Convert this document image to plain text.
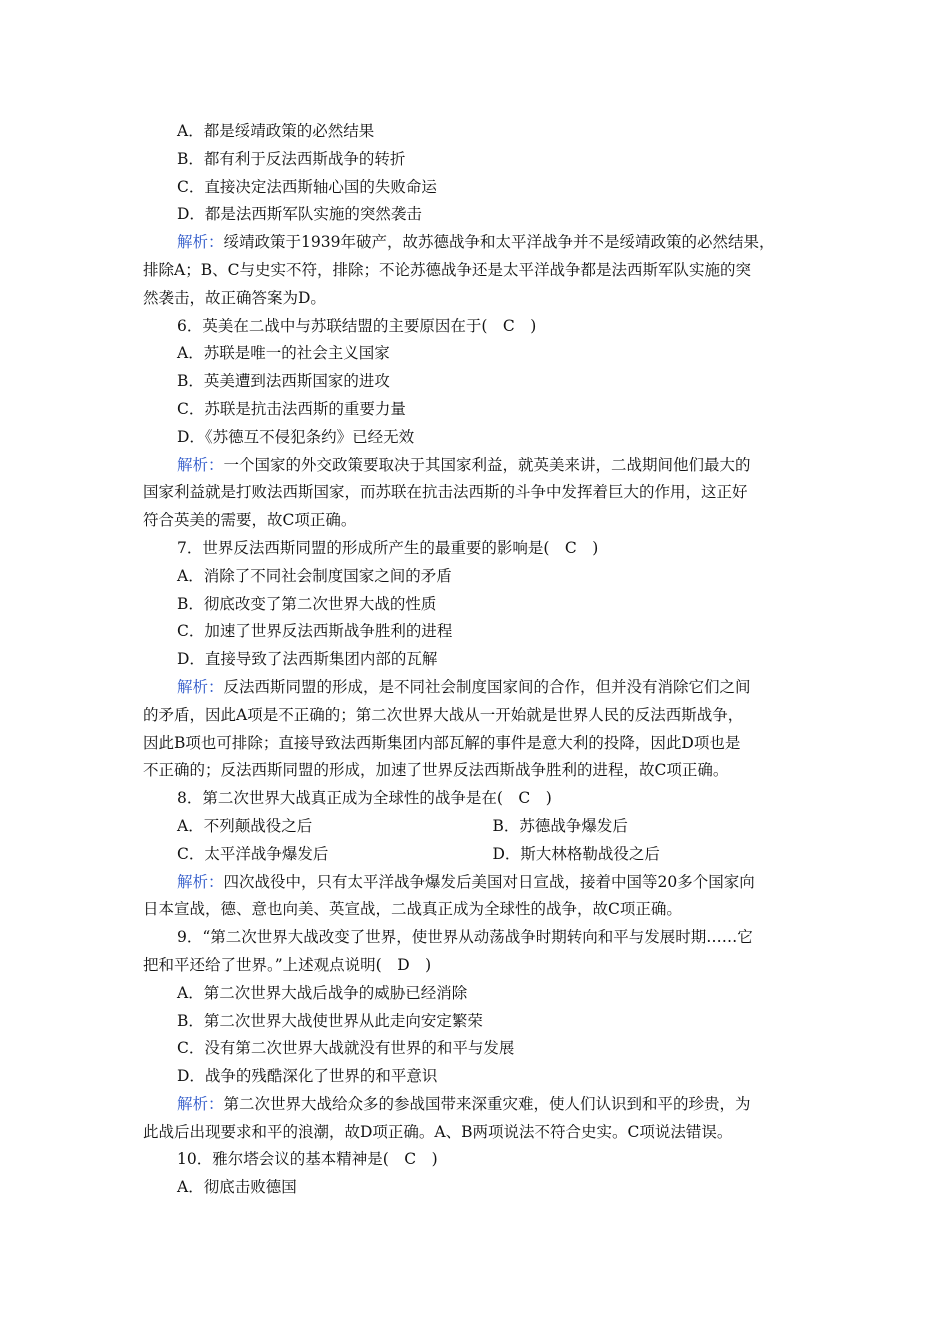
A．都是绥靖政策的必然结果
B．都有利于反法西斯战争的转折
C．直接决定法西斯轴心国的失败命运
D．都是法西斯军队实施的突然袭击
解析：绥靖政策于1939年破产，故苏德战争和太平洋战争并不是绥靖政策的必然结果，
排除A；B、C与史实不符，排除；不论苏德战争还是太平洋战争都是法西斯军队实施的突
然袭击，故正确答案为D。
6．英美在二战中与苏联结盟的主要原因在于(　C　)
A．苏联是唯一的社会主义国家
B．英美遭到法西斯国家的进攻
C．苏联是抗击法西斯的重要力量
D．《苏德互不侵犯条约》已经无效
解析：一个国家的外交政策要取决于其国家利益，就英美来讲，二战期间他们最大的
国家利益就是打败法西斯国家，而苏联在抗击法西斯的斗争中发挥着巨大的作用，这正好
符合英美的需要，故C项正确。
7．世界反法西斯同盟的形成所产生的最重要的影响是(　C　)
A．消除了不同社会制度国家之间的矛盾
B．彻底改变了第二次世界大战的性质
C．加速了世界反法西斯战争胜利的进程
D．直接导致了法西斯集团内部的瓦解
解析：反法西斯同盟的形成，是不同社会制度国家间的合作，但并没有消除它们之间
的矛盾，因此A项是不正确的；第二次世界大战从一开始就是世界人民的反法西斯战争，
因此B项也可排除；直接导致法西斯集团内部瓦解的事件是意大利的投降，因此D项也是
不正确的；反法西斯同盟的形成，加速了世界反法西斯战争胜利的进程，故C项正确。
8．第二次世界大战真正成为全球性的战争是在(　C　)
A．不列颠战役之后	B．苏德战争爆发后
C．太平洋战争爆发后	D．斯大林格勒战役之后
解析：四次战役中，只有太平洋战争爆发后美国对日宣战，接着中国等20多个国家向
日本宣战，德、意也向美、英宣战，二战真正成为全球性的战争，故C项正确。
9．“第二次世界大战改变了世界，使世界从动荡战争时期转向和平与发展时期……它
把和平还给了世界。”上述观点说明(　D　)
A．第二次世界大战后战争的威胁已经消除
B．第二次世界大战使世界从此走向安定繁荣
C．没有第二次世界大战就没有世界的和平与发展
D．战争的残酷深化了世界的和平意识
解析：第二次世界大战给众多的参战国带来深重灾难，使人们认识到和平的珍贵，为
此战后出现要求和平的浪潮，故D项正确。A、B两项说法不符合史实。C项说法错误。
10．雅尔塔会议的基本精神是(　C　)
A．彻底击败德国
